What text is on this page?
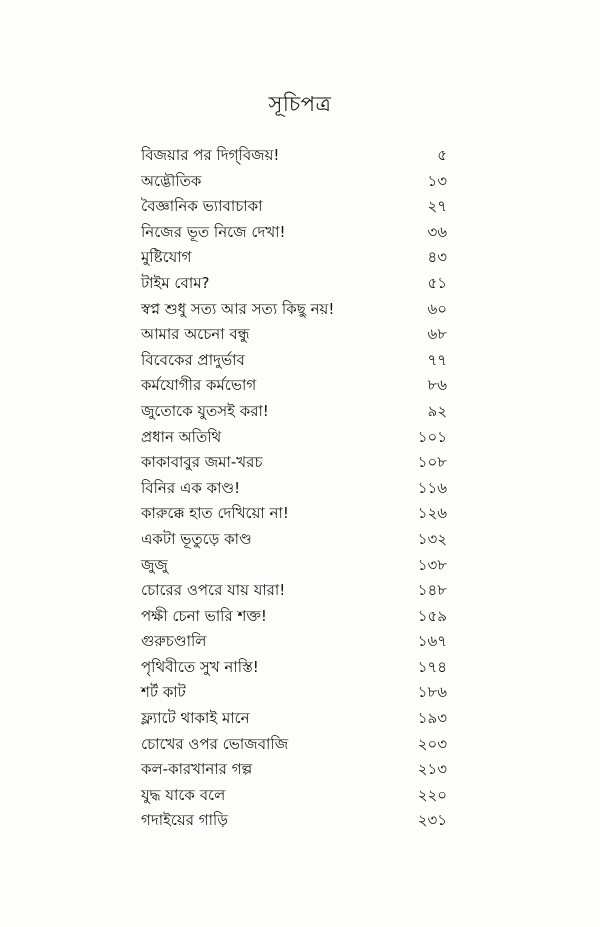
সূচিপত্র
বিজয়ার পর দিগ্‌বিজয়!	৫
অদ্ভৌতিক	১৩
বৈজ্ঞানিক ভ্যাবাচাকা	২৭
নিজের ভূত নিজে দেখা!	৩৬
মুষ্টিযোগ	৪৩
টাইম বোম?	৫১
স্বপ্ন শুধু সত্য আর সত্য কিছু নয়!	৬০
আমার অচেনা বন্ধু	৬৮
বিবেকের প্রাদুর্ভাব	৭৭
কর্মযোগীর কর্মভোগ	৮৬
জুতোকে যুতসই করা!	৯২
প্রধান অতিথি	১০১
কাকাবাবুর জমা-খরচ	১০৮
বিনির এক কাণ্ড!	১১৬
কারুক্কে হাত দেখিয়ো না!	১২৬
একটা ভূতুড়ে কাণ্ড	১৩২
জুজু	১৩৮
চোরের ওপরে যায় যারা!	১৪৮
পক্ষী চেনা ভারি শক্ত!	১৫৯
গুরুচণ্ডালি	১৬৭
পৃথিবীতে সুখ নাস্তি!	১৭৪
শর্ট কাট	১৮৬
ফ্ল্যাটে থাকাই মানে	১৯৩
চোখের ওপর ভোজবাজি	২০৩
কল-কারখানার গল্প	২১৩
যুদ্ধ যাকে বলে	২২০
গদাইয়ের গাড়ি	২৩১
